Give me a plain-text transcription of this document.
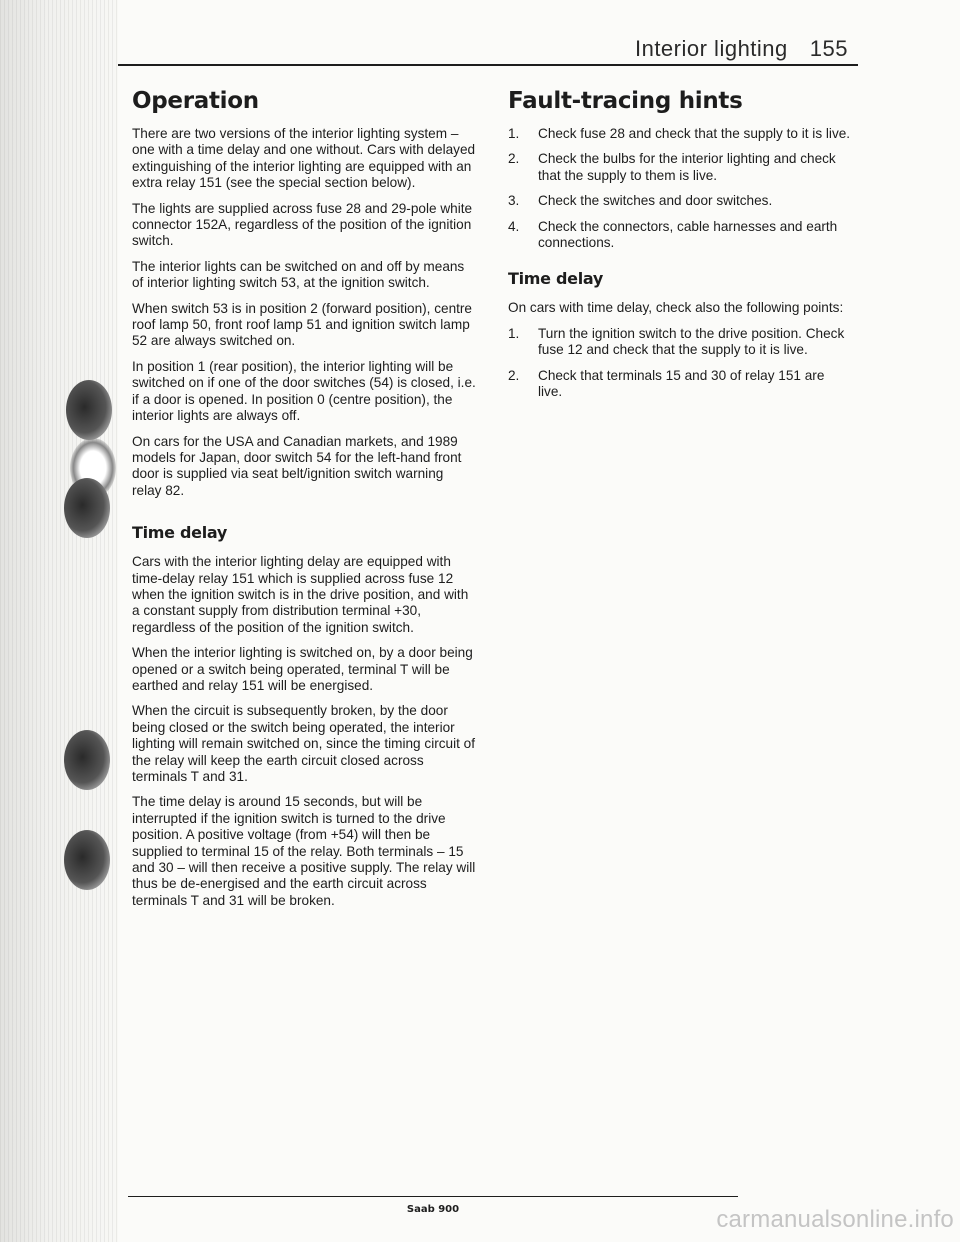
Interior lighting 155
Operation

There are two versions of the interior lighting system – one with a time delay and one without. Cars with delayed extinguishing of the interior lighting are equipped with an extra relay 151 (see the special section below).

The lights are supplied across fuse 28 and 29-pole white connector 152A, regardless of the position of the ignition switch.

The interior lights can be switched on and off by means of interior lighting switch 53, at the ignition switch.

When switch 53 is in position 2 (forward position), centre roof lamp 50, front roof lamp 51 and ignition switch lamp 52 are always switched on.

In position 1 (rear position), the interior lighting will be switched on if one of the door switches (54) is closed, i.e. if a door is opened. In position 0 (centre position), the interior lights are always off.

On cars for the USA and Canadian markets, and 1989 models for Japan, door switch 54 for the left-hand front door is supplied via seat belt/ignition switch warning relay 82.

Time delay

Cars with the interior lighting delay are equipped with time-delay relay 151 which is supplied across fuse 12 when the ignition switch is in the drive position, and with a constant supply from distribution terminal +30, regardless of the position of the ignition switch.

When the interior lighting is switched on, by a door being opened or a switch being operated, terminal T will be earthed and relay 151 will be energised.

When the circuit is subsequently broken, by the door being closed or the switch being operated, the interior lighting will remain switched on, since the timing circuit of the relay will keep the earth circuit closed across terminals T and 31.

The time delay is around 15 seconds, but will be interrupted if the ignition switch is turned to the drive position. A positive voltage (from +54) will then be supplied to terminal 15 of the relay. Both terminals – 15 and 30 – will then receive a positive supply. The relay will thus be de-energised and the earth circuit across terminals T and 31 will be broken.

Fault-tracing hints
1.	Check fuse 28 and check that the supply to it is live.
2.	Check the bulbs for the interior lighting and check that the supply to them is live.
3.	Check the switches and door switches.
4.	Check the connectors, cable harnesses and earth connections.
Time delay

On cars with time delay, check also the following points:

1.	Turn the ignition switch to the drive position. Check fuse 12 and check that the supply to it is live.
2.	Check that terminals 15 and 30 of relay 151 are live.
Saab 900	carmanualsonline.info
